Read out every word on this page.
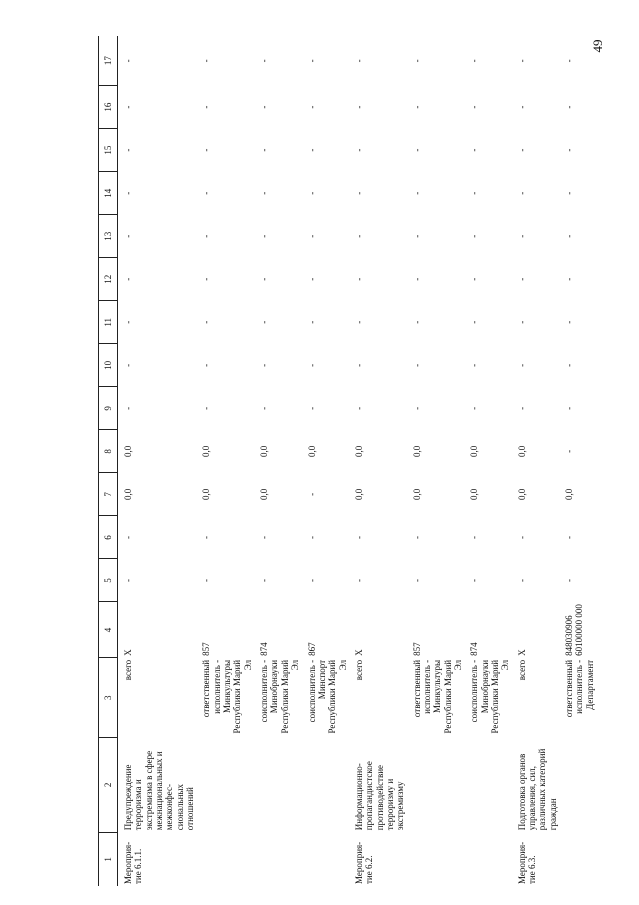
49
1	2	3	4	5	6	7	8	9	10	11	12	13	14	15	16	17
Мероприя-тие 6.1.1.	Предупреждение терроризма и экстремизма в сфере межнациональных и межконфес-сиональных отношений	всего	X	-	-	0,0	0,0	-	-	-	-	-	-	-	-	-
		ответственный исполнитель - Минкультуры Республики Марий Эл	857	-	-	0,0	0,0	-	-	-	-	-	-	-	-	-
		соисполнитель - Минобрнауки Республики Марий Эл	874	-	-	0,0	0,0	-	-	-	-	-	-	-	-	-
		соисполнитель - Минспорт Республики Марий Эл	867	-	-	-	0,0	-	-	-	-	-	-	-	-	-
Мероприя-тие 6.2.	Информационно-пропагандистское противодействие терроризму и экстремизму	всего	X	-	-	0,0	0,0	-	-	-	-	-	-	-	-	-
		ответственный исполнитель - Минкультуры Республики Марий Эл	857	-	-	0,0	0,0	-	-	-	-	-	-	-	-	-
		соисполнитель - Минобрнауки Республики Марий Эл	874	-	-	0,0	0,0	-	-	-	-	-	-	-	-	-
Мероприя-тие 6.3.	Подготовка органов управления, сил, различных категорий граждан	всего	X	-	-	0,0	0,0	-	-	-	-	-	-	-	-	-
		ответственный исполнитель - Департамент	848030906 60100000 000	-	-	0,0	-	-	-	-	-	-	-	-	-	-
